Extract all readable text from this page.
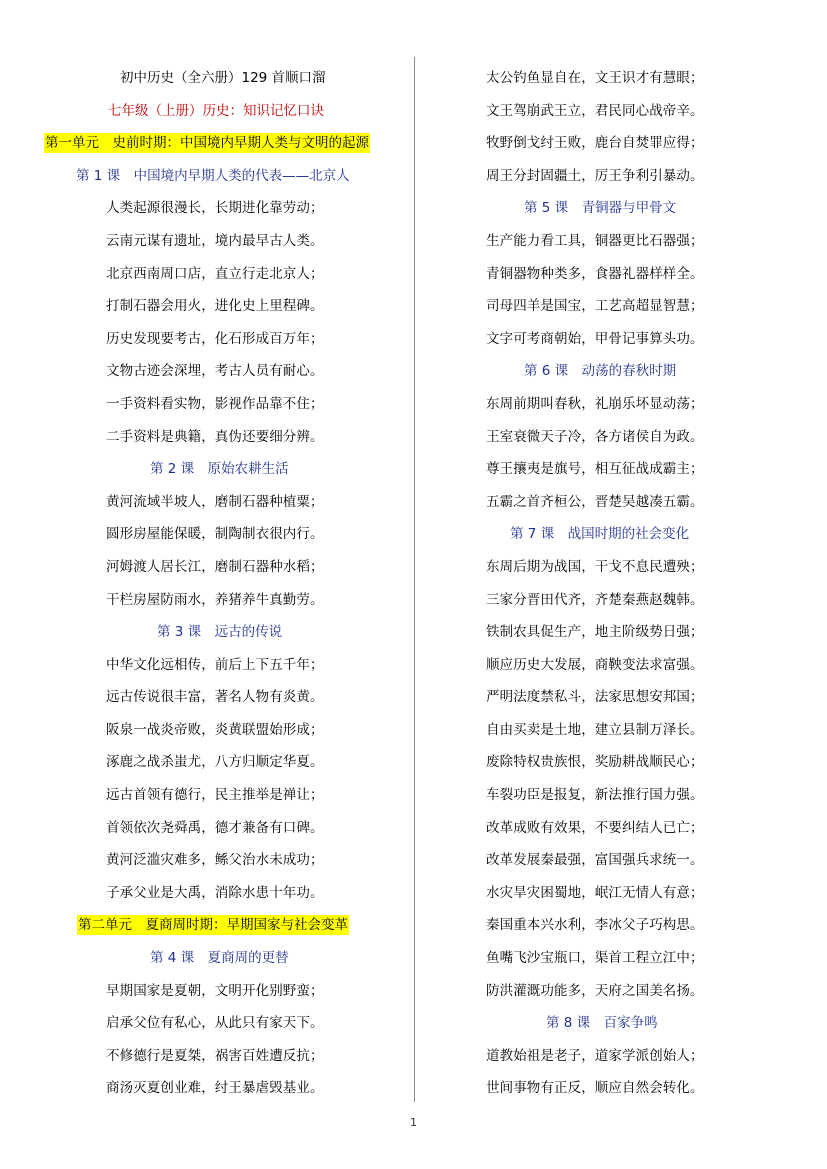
初中历史（全六册）129 首顺口溜
七年级（上册）历史：知识记忆口诀
第一单元　史前时期：中国境内早期人类与文明的起源
第 1 课　中国境内早期人类的代表——北京人
人类起源很漫长，长期进化靠劳动；
云南元谋有遗址，境内最早古人类。
北京西南周口店，直立行走北京人；
打制石器会用火，进化史上里程碑。
历史发现要考古，化石形成百万年；
文物古迹会深埋，考古人员有耐心。
一手资料看实物，影视作品靠不住；
二手资料是典籍，真伪还要细分辨。
第 2 课　原始农耕生活
黄河流域半坡人，磨制石器种植粟；
圆形房屋能保暖，制陶制衣很内行。
河姆渡人居长江，磨制石器种水稻；
干栏房屋防雨水，养猪养牛真勤劳。
第 3 课　远古的传说
中华文化远相传，前后上下五千年；
远古传说很丰富，著名人物有炎黄。
阪泉一战炎帝败，炎黄联盟始形成；
涿鹿之战杀蚩尤，八方归顺定华夏。
远古首领有德行，民主推举是禅让；
首领依次尧舜禹，德才兼备有口碑。
黄河泛滥灾难多，鲧父治水未成功；
子承父业是大禹，消除水患十年功。
第二单元　夏商周时期：早期国家与社会变革
第 4 课　夏商周的更替
早期国家是夏朝，文明开化别野蛮；
启承父位有私心，从此只有家天下。
不修德行是夏桀，祸害百姓遭反抗；
商汤灭夏创业难，纣王暴虐毁基业。
太公钓鱼显自在，文王识才有慧眼；
文王驾崩武王立，君民同心战帝辛。
牧野倒戈纣王败，鹿台自焚罪应得；
周王分封固疆土，厉王争利引暴动。
第 5 课　青铜器与甲骨文
生产能力看工具，铜器更比石器强；
青铜器物种类多，食器礼器样样全。
司母四羊是国宝，工艺高超显智慧；
文字可考商朝始，甲骨记事算头功。
第 6 课　动荡的春秋时期
东周前期叫春秋，礼崩乐坏显动荡；
王室衰微天子冷，各方诸侯自为政。
尊王攘夷是旗号，相互征战成霸主；
五霸之首齐桓公，晋楚吴越凑五霸。
第 7 课　战国时期的社会变化
东周后期为战国，干戈不息民遭殃；
三家分晋田代齐，齐楚秦燕赵魏韩。
铁制农具促生产，地主阶级势日强；
顺应历史大发展，商鞅变法求富强。
严明法度禁私斗，法家思想安邦国；
自由买卖是土地，建立县制万泽长。
废除特权贵族恨，奖励耕战顺民心；
车裂功臣是报复，新法推行国力强。
改革成败有效果，不要纠结人已亡；
改革发展秦最强，富国强兵求统一。
水灾旱灾困蜀地，岷江无情人有意；
秦国重本兴水利，李冰父子巧构思。
鱼嘴飞沙宝瓶口，渠首工程立江中；
防洪灌溉功能多，天府之国美名扬。
第 8 课　百家争鸣
道教始祖是老子，道家学派创始人；
世间事物有正反，顺应自然会转化。
1
